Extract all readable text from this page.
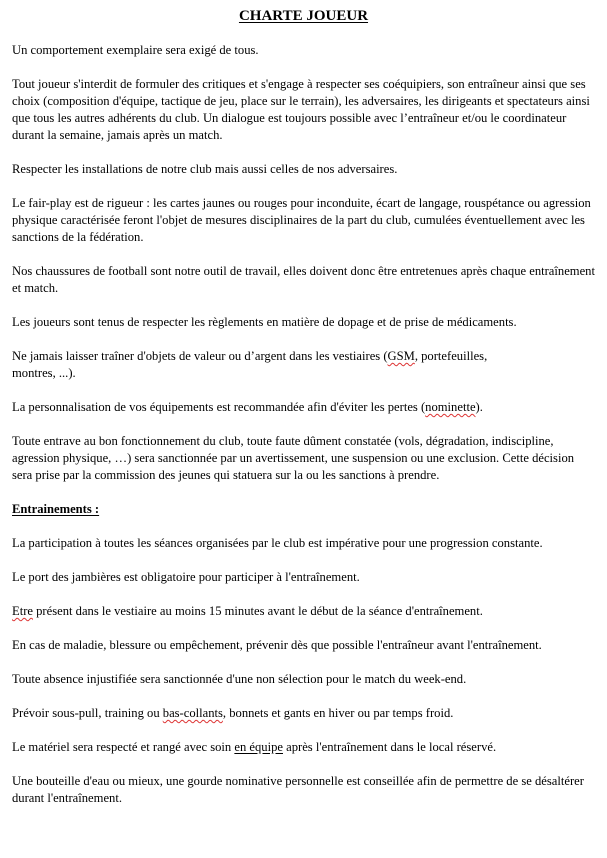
CHARTE JOUEUR

Un comportement exemplaire sera exigé de tous.

Tout joueur s'interdit de formuler des critiques et s'engage à respecter ses coéquipiers, son entraîneur ainsi que ses choix (composition d'équipe, tactique de jeu, place sur le terrain), les adversaires, les dirigeants et spectateurs ainsi que tous les autres adhérents du club. Un dialogue est toujours possible avec l’entraîneur et/ou le coordinateur durant la semaine, jamais après un match.

Respecter les installations de notre club mais aussi celles de nos adversaires.

Le fair-play est de rigueur : les cartes jaunes ou rouges pour inconduite, écart de langage, rouspétance ou agression physique caractérisée feront l'objet de mesures disciplinaires de la part du club, cumulées éventuellement avec les sanctions de la fédération.

Nos chaussures de football sont notre outil de travail, elles doivent donc être entretenues après chaque entraînement et match.

Les joueurs sont tenus de respecter les règlements en matière de dopage et de prise de médicaments.

Ne jamais laisser traîner d'objets de valeur ou d’argent dans les vestiaires (GSM, portefeuilles,
montres, ...).

La personnalisation de vos équipements est recommandée afin d'éviter les pertes (nominette).

Toute entrave au bon fonctionnement du club, toute faute dûment constatée (vols, dégradation, indiscipline, agression physique, …) sera sanctionnée par un avertissement, une suspension ou une exclusion. Cette décision sera prise par la commission des jeunes qui statuera sur la ou les sanctions à prendre.

Entrainements :

La participation à toutes les séances organisées par le club est impérative pour une progression constante.

Le port des jambières est obligatoire pour participer à l'entraînement.

Etre présent dans le vestiaire au moins 15 minutes avant le début de la séance d'entraînement.

En cas de maladie, blessure ou empêchement, prévenir dès que possible l'entraîneur avant l'entraînement.

Toute absence injustifiée sera sanctionnée d'une non sélection pour le match du week-end.

Prévoir sous-pull, training ou bas-collants, bonnets et gants en hiver ou par temps froid.

Le matériel sera respecté et rangé avec soin en équipe après l'entraînement dans le local réservé.

Une bouteille d'eau ou mieux, une gourde nominative personnelle est conseillée afin de permettre de se désaltérer durant l'entraînement.
